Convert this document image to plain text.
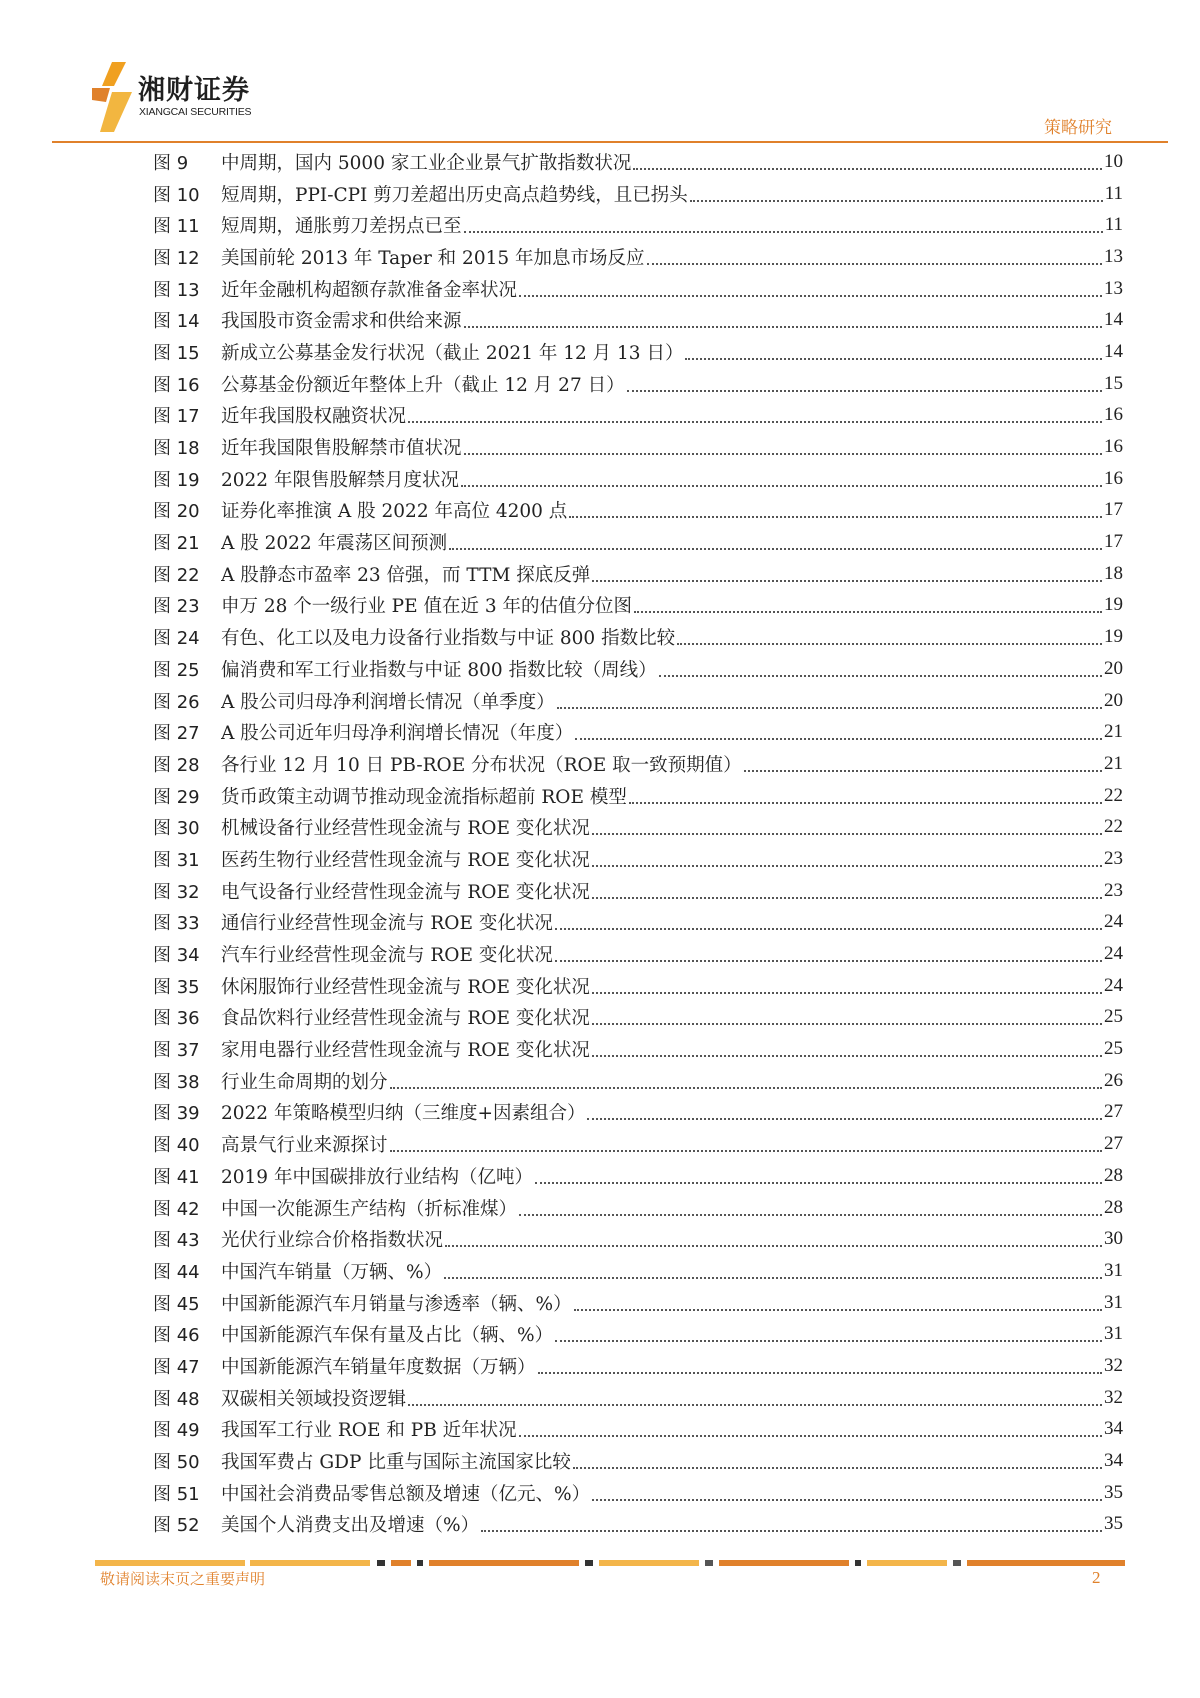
湘财证券
XIANGCAI SECURITIES
策略研究
图 9	中周期，国内 5000 家工业企业景气扩散指数状况	10
图 10	短周期，PPI-CPI 剪刀差超出历史高点趋势线，且已拐头	11
图 11	短周期，通胀剪刀差拐点已至	11
图 12	美国前轮 2013 年 Taper 和 2015 年加息市场反应	13
图 13	近年金融机构超额存款准备金率状况	13
图 14	我国股市资金需求和供给来源	14
图 15	新成立公募基金发行状况（截止 2021 年 12 月 13 日）	14
图 16	公募基金份额近年整体上升（截止 12 月 27 日）	15
图 17	近年我国股权融资状况	16
图 18	近年我国限售股解禁市值状况	16
图 19	2022 年限售股解禁月度状况	16
图 20	证券化率推演 A 股 2022 年高位 4200 点	17
图 21	A 股 2022 年震荡区间预测	17
图 22	A 股静态市盈率 23 倍强，而 TTM 探底反弹	18
图 23	申万 28 个一级行业 PE 值在近 3 年的估值分位图	19
图 24	有色、化工以及电力设备行业指数与中证 800 指数比较	19
图 25	偏消费和军工行业指数与中证 800 指数比较（周线）	20
图 26	A 股公司归母净利润增长情况（单季度）	20
图 27	A 股公司近年归母净利润增长情况（年度）	21
图 28	各行业 12 月 10 日 PB-ROE 分布状况（ROE 取一致预期值）	21
图 29	货币政策主动调节推动现金流指标超前 ROE 模型	22
图 30	机械设备行业经营性现金流与 ROE 变化状况	22
图 31	医药生物行业经营性现金流与 ROE 变化状况	23
图 32	电气设备行业经营性现金流与 ROE 变化状况	23
图 33	通信行业经营性现金流与 ROE 变化状况	24
图 34	汽车行业经营性现金流与 ROE 变化状况	24
图 35	休闲服饰行业经营性现金流与 ROE 变化状况	24
图 36	食品饮料行业经营性现金流与 ROE 变化状况	25
图 37	家用电器行业经营性现金流与 ROE 变化状况	25
图 38	行业生命周期的划分	26
图 39	2022 年策略模型归纳（三维度+因素组合）	27
图 40	高景气行业来源探讨	27
图 41	2019 年中国碳排放行业结构（亿吨）	28
图 42	中国一次能源生产结构（折标准煤）	28
图 43	光伏行业综合价格指数状况	30
图 44	中国汽车销量（万辆、%）	31
图 45	中国新能源汽车月销量与渗透率（辆、%）	31
图 46	中国新能源汽车保有量及占比（辆、%）	31
图 47	中国新能源汽车销量年度数据（万辆）	32
图 48	双碳相关领域投资逻辑	32
图 49	我国军工行业 ROE 和 PB 近年状况	34
图 50	我国军费占 GDP 比重与国际主流国家比较	34
图 51	中国社会消费品零售总额及增速（亿元、%）	35
图 52	美国个人消费支出及增速（%）	35
敬请阅读末页之重要声明	2
